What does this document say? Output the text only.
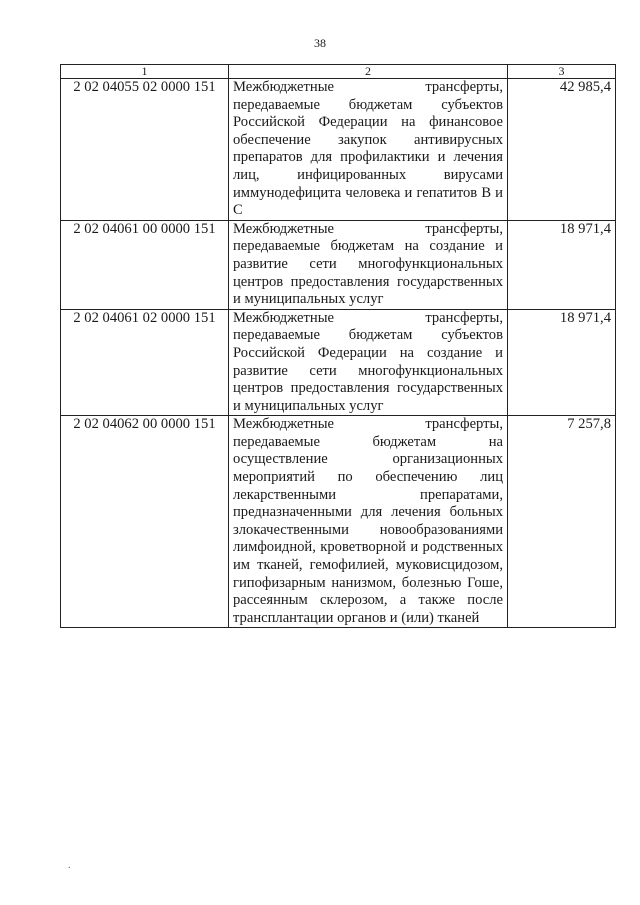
38
1	2	3
2 02 04055 02 0000 151	Межбюджетные трансферты, передаваемые бюджетам субъектов Российской Федерации на финансовое обеспечение закупок антивирусных препаратов для профилактики и лечения лиц, инфицированных вирусами иммунодефицита человека и гепатитов В и С	42 985,4
2 02 04061 00 0000 151	Межбюджетные трансферты, передаваемые бюджетам на создание и развитие сети многофункциональных центров предоставления государственных и муниципальных услуг	18 971,4
2 02 04061 02 0000 151	Межбюджетные трансферты, передаваемые бюджетам субъектов Российской Федерации на создание и развитие сети многофункциональных центров предоставления государственных и муниципальных услуг	18 971,4
2 02 04062 00 0000 151	Межбюджетные трансферты, передаваемые бюджетам на осуществление организационных мероприятий по обеспечению лиц лекарственными препаратами, предназначенными для лечения больных злокачественными новообразованиями лимфоидной, кроветворной и родственных им тканей, гемофилией, муковисцидозом, гипофизарным нанизмом, болезнью Гоше, рассеянным склерозом, а также после трансплантации органов и (или) тканей	7 257,8
.
